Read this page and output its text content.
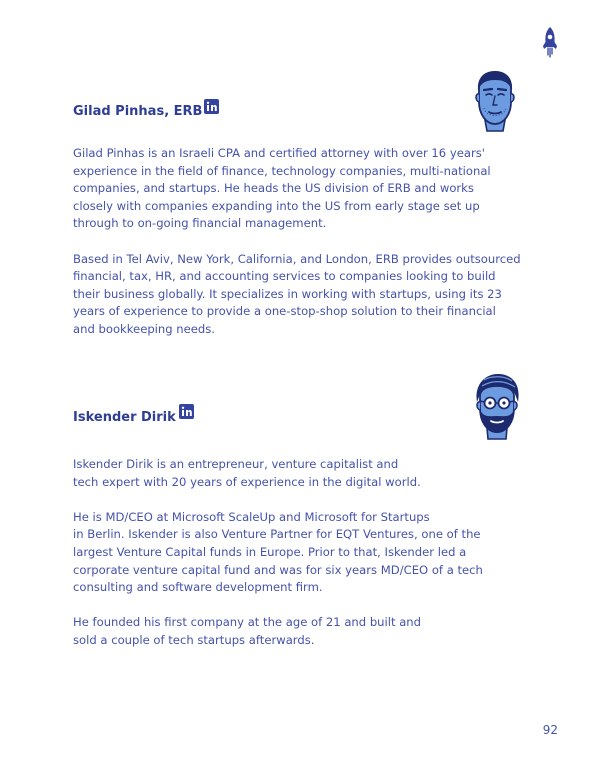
Gilad Pinhas, ERB

Gilad Pinhas is an Israeli CPA and certified attorney with over 16 years'
experience in the field of finance, technology companies, multi-national
companies, and startups. He heads the US division of ERB and works
closely with companies expanding into the US from early stage set up
through to on-going financial management.

Based in Tel Aviv, New York, California, and London, ERB provides outsourced
financial, tax, HR, and accounting services to companies looking to build
their business globally. It specializes in working with startups, using its 23
years of experience to provide a one-stop-shop solution to their financial
and bookkeeping needs.

Iskender Dirik

Iskender Dirik is an entrepreneur, venture capitalist and
tech expert with 20 years of experience in the digital world.

He is MD/CEO at Microsoft ScaleUp and Microsoft for Startups
in Berlin. Iskender is also Venture Partner for EQT Ventures, one of the
largest Venture Capital funds in Europe. Prior to that, Iskender led a
corporate venture capital fund and was for six years MD/CEO of a tech
consulting and software development firm.

He founded his first company at the age of 21 and built and
sold a couple of tech startups afterwards.

92
